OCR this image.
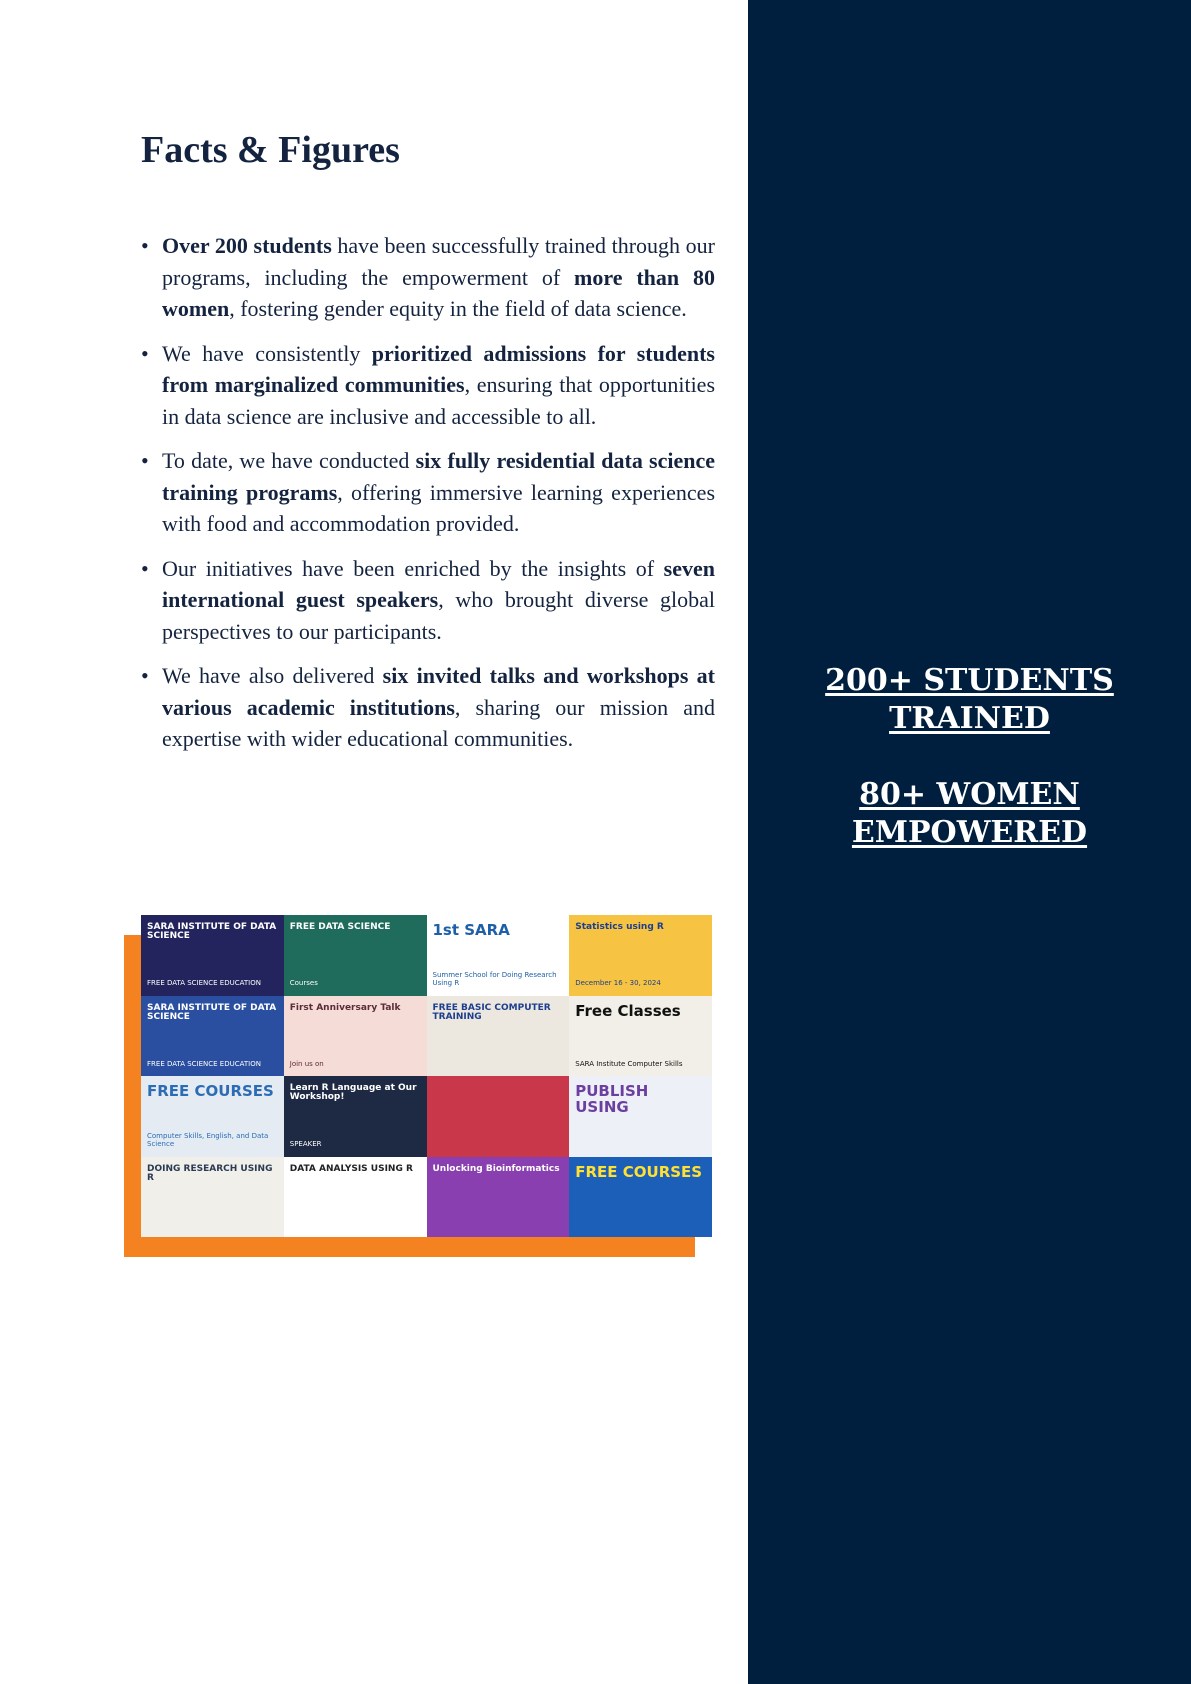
Facts & Figures
• Over 200 students have been successfully trained through our programs, including the empowerment of more than 80 women, fostering gender equity in the field of data science.
• We have consistently prioritized admissions for students from marginalized communities, ensuring that opportunities in data science are inclusive and accessible to all.
• To date, we have conducted six fully residential data science training programs, offering immersive learning experiences with food and accommodation provided.
• Our initiatives have been enriched by the insights of seven international guest speakers, who brought diverse global perspectives to our participants.
• We have also delivered six invited talks and workshops at various academic institutions, sharing our mission and expertise with wider educational communities.
SARA INSTITUTE OF DATA SCIENCE
FREE DATA SCIENCE EDUCATION
FREE DATA SCIENCE
Courses
1st SARA
Summer School for Doing Research Using R
Statistics using R
December 16 - 30, 2024
SARA INSTITUTE OF DATA SCIENCE
FREE DATA SCIENCE EDUCATION
First Anniversary Talk
Join us on
FREE BASIC COMPUTER TRAINING	Free Classes
SARA Institute Computer Skills
FREE COURSES
Computer Skills, English, and Data Science
Learn R Language at Our Workshop!
SPEAKER
PUBLISH USING
DOING RESEARCH USING R
DATA ANALYSIS USING R	Unlocking Bioinformatics FREE COURSES
200+ STUDENTS
TRAINED
80+ WOMEN
EMPOWERED
